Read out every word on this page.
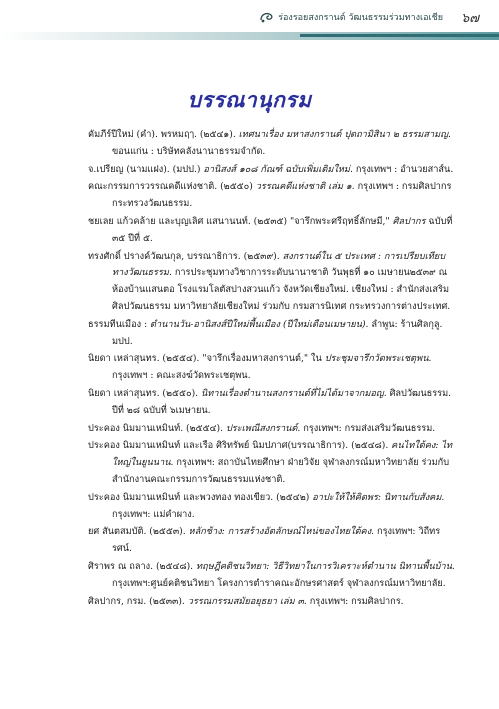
ร่องรอยสงกรานต์ วัฒนธรรมร่วมทางเอเชีย ๖๗
บรรณานุกรม

คัมภีร์ปีใหม่ (คำ). พรหมฤๅ. (๒๕๔๑). เทศนาเรื่อง มหาสงกรานต์ ปุดถามิสินา ๒ ธรรมสามญ. ขอนแก่น : บริษัทคลังนานาธรรมจำกัด.

จ.เปรียญ (นามแฝง). (มปป.) อานิสงส์ ๑๐๘ กัณฑ์ ฉบับเพิ่มเติมใหม่. กรุงเทพฯ : อำนวยสาส์น.

คณะกรรมการวรรณคดีแห่งชาติ. (๒๕๕๐) วรรณคดีแห่งชาติ เล่ม ๑. กรุงเทพฯ : กรมศิลปากร กระทรวงวัฒนธรรม.

ชยเลย แก้วคล้าย และบุญเลิศ แสนานนท์. (๒๕๓๕) "จารึกพระศรีฤทธิ์ลักษมี," ศิลปากร ฉบับที่ ๓๕ ปีที่ ๕.

ทรงศักดิ์ ปรางค์วัฒนกุล, บรรณาธิการ. (๒๕๓๙). สงกรานต์ใน ๕ ประเทศ : การเปรียบเทียบทางวัฒนธรรม. การประชุมทางวิชาการระดับนานาชาติ วันพุธที่ ๑๐ เมษายน๒๕๓๙ ณ ห้องบ้านแสนตอ โรงแรมโลตัสปางสวนแก้ว จังหวัดเชียงใหม่. เชียงใหม่ : สำนักส่งเสริมศิลปวัฒนธรรม มหาวิทยาลัยเชียงใหม่ ร่วมกับ กรมสารนิเทศ กระทรวงการต่างประเทศ.

ธรรมทีนเมือง : ตำนานวัน-อานิสงส์ปีใหม่พื้นเมือง (ปีใหม่เดือนเมษายน). ลำพูน: ร้านศิลกุลู. มปป.

นิยดา เหล่าสุนทร. (๒๕๕๔). "จารึกเรื่องมหาสงกรานต์," ใน ประชุมจารึกวัดพระเชตุพน. กรุงเทพฯ : คณะสงฆ์วัดพระเชตุพน.

นิยดา เหล่าสุนทร. (๒๕๕๐). นิทานเรื่องตำนานสงกรานต์ที่ไม่ได้มาจากมอญ. ศิลปวัฒนธรรม. ปีที่ ๒๘ ฉบับที่ ๖เมษายน.

ประคอง นิมมานเหมินท์. (๒๕๕๔). ประเพณีสงกรานต์. กรุงเทพฯ: กรมส่งเสริมวัฒนธรรม.

ประคอง นิมมานเหมินท์ และเรือ ศิริทรัพย์ นิมปภาศ(บรรณาธิการ). (๒๕๔๘). คนไทใต้คง: ไทใหญ่ในยูนนาน. กรุงเทพฯ: สถาบันไทยศึกษา ฝ่ายวิจัย จุฬาลงกรณ์มหาวิทยาลัย ร่วมกับสำนักงานคณะกรรมการวัฒนธรรมแห่งชาติ.

ประคอง นิมมานเหมินท์ และพวงทอง ทองเขียว. (๒๕๔๒) อาปะให้ให้คิดพร: นิทานกับสังคม. กรุงเทพฯ: แม่คำผาง.

ยศ สันตสมบัติ. (๒๕๕๓). หลักช้าง: การสร้างอัตลักษณ์ไหน่ของไทยใต้คง. กรุงเทพฯ: วิถีทรรศน์.

ศิราพร ณ ถลาง. (๒๕๔๘). ทฤษฎีคติชนวิทยา: วิธีวิทยาในการวิเคราะห์ตำนาน นิทานพื้นบ้าน. กรุงเทพฯ:ศูนย์คติชนวิทยา โครงการตำราคณะอักษรศาสตร์ จุฬาลงกรณ์มหาวิทยาลัย.

ศิลปากร, กรม. (๒๕๓๓). วรรณกรรมสมัยอยุธยา เล่ม ๓. กรุงเทพฯ: กรมศิลปากร.
